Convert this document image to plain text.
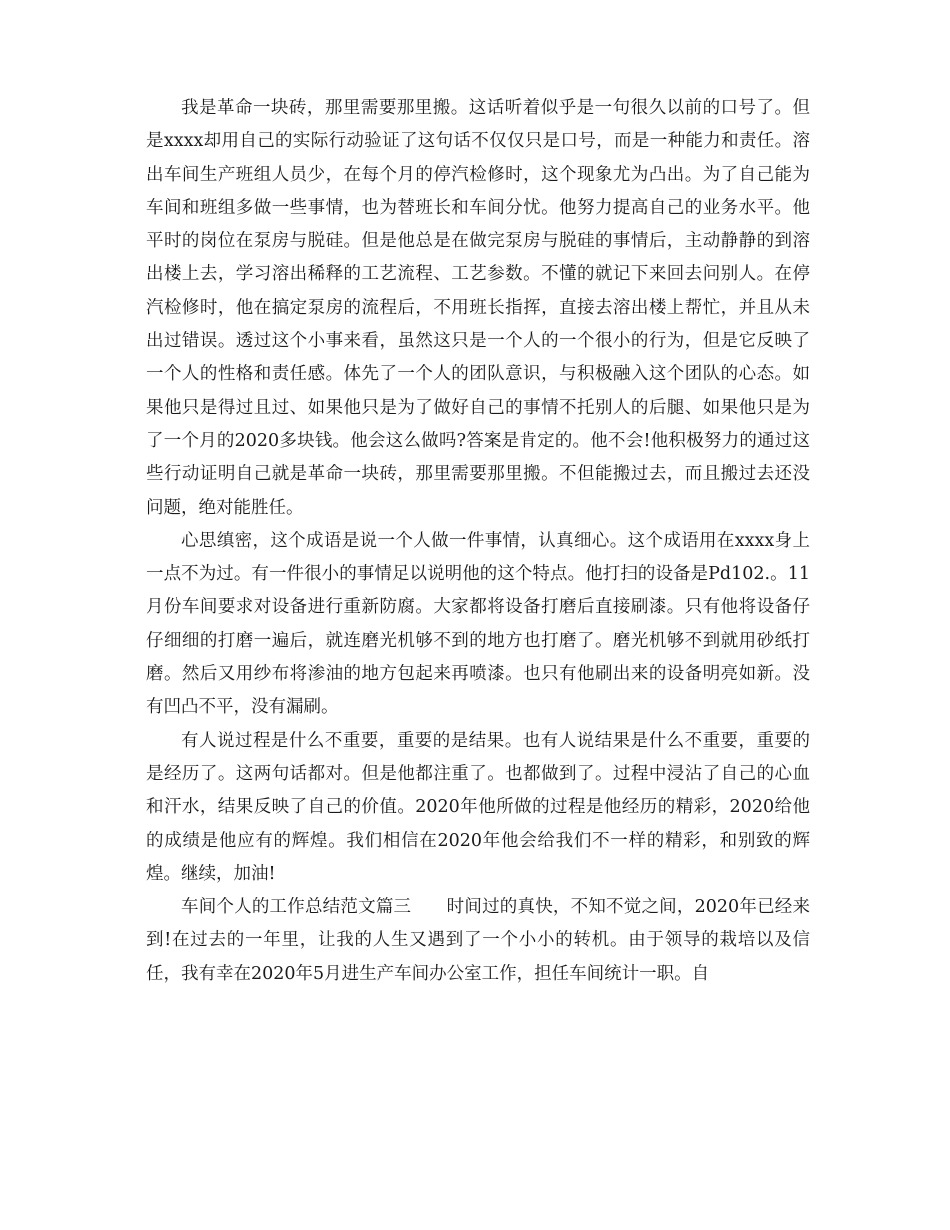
我是革命一块砖，那里需要那里搬。这话听着似乎是一句很久以前的口号了。但是xxxx却用自己的实际行动验证了这句话不仅仅只是口号，而是一种能力和责任。溶出车间生产班组人员少，在每个月的停汽检修时，这个现象尤为凸出。为了自己能为车间和班组多做一些事情，也为替班长和车间分忧。他努力提高自己的业务水平。他平时的岗位在泵房与脱硅。但是他总是在做完泵房与脱硅的事情后，主动静静的到溶出楼上去，学习溶出稀释的工艺流程、工艺参数。不懂的就记下来回去问别人。在停汽检修时，他在搞定泵房的流程后，不用班长指挥，直接去溶出楼上帮忙，并且从未出过错误。透过这个小事来看，虽然这只是一个人的一个很小的行为，但是它反映了一个人的性格和责任感。体先了一个人的团队意识，与积极融入这个团队的心态。如果他只是得过且过、如果他只是为了做好自己的事情不托别人的后腿、如果他只是为了一个月的2020多块钱。他会这么做吗?答案是肯定的。他不会!他积极努力的通过这些行动证明自己就是革命一块砖，那里需要那里搬。不但能搬过去，而且搬过去还没问题，绝对能胜任。

心思缜密，这个成语是说一个人做一件事情，认真细心。这个成语用在xxxx身上一点不为过。有一件很小的事情足以说明他的这个特点。他打扫的设备是Pd102.。11月份车间要求对设备进行重新防腐。大家都将设备打磨后直接刷漆。只有他将设备仔仔细细的打磨一遍后，就连磨光机够不到的地方也打磨了。磨光机够不到就用砂纸打磨。然后又用纱布将渗油的地方包起来再喷漆。也只有他刷出来的设备明亮如新。没有凹凸不平，没有漏刷。

有人说过程是什么不重要，重要的是结果。也有人说结果是什么不重要，重要的是经历了。这两句话都对。但是他都注重了。也都做到了。过程中浸沾了自己的心血和汗水，结果反映了自己的价值。2020年他所做的过程是他经历的精彩，2020给他的成绩是他应有的辉煌。我们相信在2020年他会给我们不一样的精彩，和别致的辉煌。继续，加油!

车间个人的工作总结范文篇三　　时间过的真快，不知不觉之间，2020年已经来到!在过去的一年里，让我的人生又遇到了一个小小的转机。由于领导的栽培以及信任，我有幸在2020年5月进生产车间办公室工作，担任车间统计一职。自
